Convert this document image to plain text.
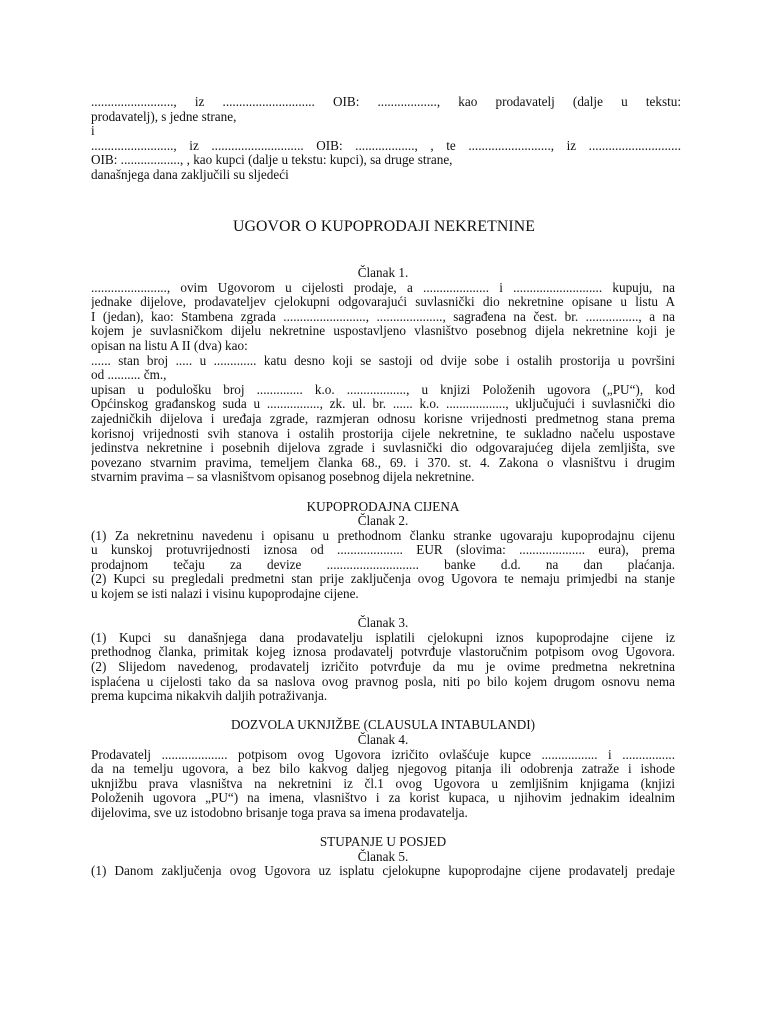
........................., iz ............................ OIB: .................., kao prodavatelj (dalje u tekstu:
prodavatelj), s jedne strane,
i
........................., iz ............................ OIB: .................., , te ........................., iz ............................
OIB: .................., , kao kupci (dalje u tekstu: kupci), sa druge strane,
današnjega dana zaključili su sljedeći
UGOVOR O KUPOPRODAJI NEKRETNINE
Članak 1.
......................., ovim Ugovorom u cijelosti prodaje, a .................... i ........................... kupuju, na
jednake dijelove, prodavateljev cjelokupni odgovarajući suvlasnički dio nekretnine opisane u listu A
I (jedan), kao: Stambena zgrada ........................., ...................., sagrađena na čest. br. ................, a na
kojem je suvlasničkom dijelu nekretnine uspostavljeno vlasništvo posebnog dijela nekretnine koji je
opisan na listu A II (dva) kao:
...... stan broj ..... u ............. katu desno koji se sastoji od dvije sobe i ostalih prostorija u površini
od .......... čm.,
upisan u podulošku broj .............. k.o. .................., u knjizi Položenih ugovora („PU“), kod
Općinskog građanskog suda u ................, zk. ul. br. ...... k.o. .................., uključujući i suvlasnički dio
zajedničkih dijelova i uređaja zgrade, razmjeran odnosu korisne vrijednosti predmetnog stana prema
korisnoj vrijednosti svih stanova i ostalih prostorija cijele nekretnine, te sukladno načelu uspostave
jedinstva nekretnine i posebnih dijelova zgrade i suvlasnički dio odgovarajućeg dijela zemljišta, sve
povezano stvarnim pravima, temeljem članka 68., 69. i 370. st. 4. Zakona o vlasništvu i drugim
stvarnim pravima – sa vlasništvom opisanog posebnog dijela nekretnine.
KUPOPRODAJNA CIJENA
Članak 2.
(1) Za nekretninu navedenu i opisanu u prethodnom članku stranke ugovaraju kupoprodajnu cijenu
u kunskoj protuvrijednosti iznosa od .................... EUR (slovima: .................... eura), prema
prodajnom tečaju za devize ............................ banke d.d. na dan plaćanja.
(2) Kupci su pregledali predmetni stan prije zaključenja ovog Ugovora te nemaju primjedbi na stanje
u kojem se isti nalazi i visinu kupoprodajne cijene.
Članak 3.
(1) Kupci su današnjega dana prodavatelju isplatili cjelokupni iznos kupoprodajne cijene iz
prethodnog članka, primitak kojeg iznosa prodavatelj potvrđuje vlastoručnim potpisom ovog Ugovora.
(2) Slijedom navedenog, prodavatelj izričito potvrđuje da mu je ovime predmetna nekretnina
isplaćena u cijelosti tako da sa naslova ovog pravnog posla, niti po bilo kojem drugom osnovu nema
prema kupcima nikakvih daljih potraživanja.
DOZVOLA UKNJIŽBE (CLAUSULA INTABULANDI)
Članak 4.
Prodavatelj .................... potpisom ovog Ugovora izričito ovlašćuje kupce ................. i ................
da na temelju ugovora, a bez bilo kakvog daljeg njegovog pitanja ili odobrenja zatraže i ishode
uknjižbu prava vlasništva na nekretnini iz čl.1 ovog Ugovora u zemljišnim knjigama (knjizi
Položenih ugovora „PU“) na imena, vlasništvo i za korist kupaca, u njihovim jednakim idealnim
dijelovima, sve uz istodobno brisanje toga prava sa imena prodavatelja.
STUPANJE U POSJED
Članak 5.
(1) Danom zaključenja ovog Ugovora uz isplatu cjelokupne kupoprodajne cijene prodavatelj predaje
